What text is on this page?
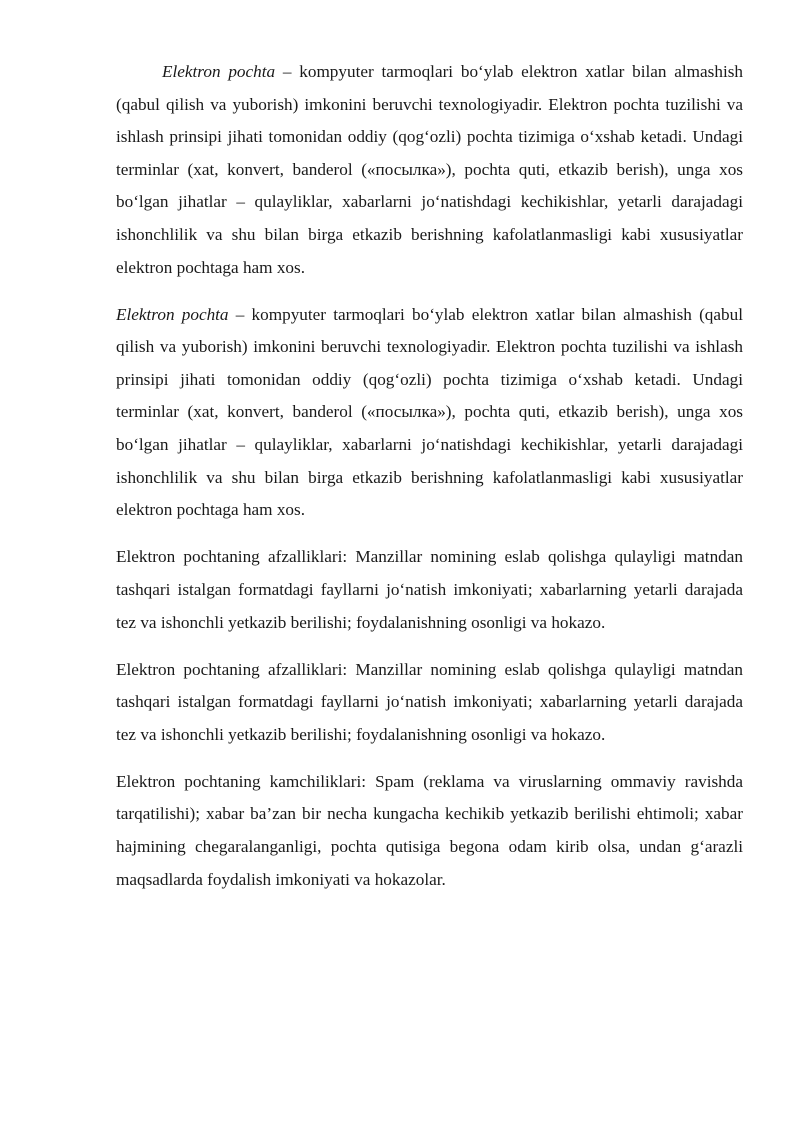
Elektron pochta – kompyuter tarmoqlari bo‘ylab elektron xatlar bilan almashish (qabul qilish va yuborish) imkonini beruvchi texnologiyadir. Elektron pochta tuzilishi va ishlash prinsipi jihati tomonidan oddiy (qog‘ozli) pochta tizimiga o‘xshab ketadi. Undagi terminlar (xat, konvert, banderol («посылка»), pochta quti, etkazib berish), unga xos bo‘lgan jihatlar – qulayliklar, xabarlarni jo‘natishdagi kechikishlar, yetarli darajadagi ishonchlilik va shu bilan birga etkazib berishning kafolatlanmasligi kabi xususiyatlar elektron pochtaga ham xos.

Elektron pochta – kompyuter tarmoqlari bo‘ylab elektron xatlar bilan almashish (qabul qilish va yuborish) imkonini beruvchi texnologiyadir. Elektron pochta tuzilishi va ishlash prinsipi jihati tomonidan oddiy (qog‘ozli) pochta tizimiga o‘xshab ketadi. Undagi terminlar (xat, konvert, banderol («посылка»), pochta quti, etkazib berish), unga xos bo‘lgan jihatlar – qulayliklar, xabarlarni jo‘natishdagi kechikishlar, yetarli darajadagi ishonchlilik va shu bilan birga etkazib berishning kafolatlanmasligi kabi xususiyatlar elektron pochtaga ham xos.

Elektron pochtaning afzalliklari: Manzillar nomining eslab qolishga qulayligi matndan tashqari istalgan formatdagi fayllarni jo‘natish imkoniyati; xabarlarning yetarli darajada tez va ishonchli yetkazib berilishi; foydalanishning osonligi va hokazo.

Elektron pochtaning afzalliklari: Manzillar nomining eslab qolishga qulayligi matndan tashqari istalgan formatdagi fayllarni jo‘natish imkoniyati; xabarlarning yetarli darajada tez va ishonchli yetkazib berilishi; foydalanishning osonligi va hokazo.

Elektron pochtaning kamchiliklari: Spam (reklama va viruslarning ommaviy ravishda tarqatilishi); xabar ba’zan bir necha kungacha kechikib yetkazib berilishi ehtimoli; xabar hajmining chegaralanganligi, pochta qutisiga begona odam kirib olsa, undan g‘arazli maqsadlarda foydalish imkoniyati va hokazolar.
